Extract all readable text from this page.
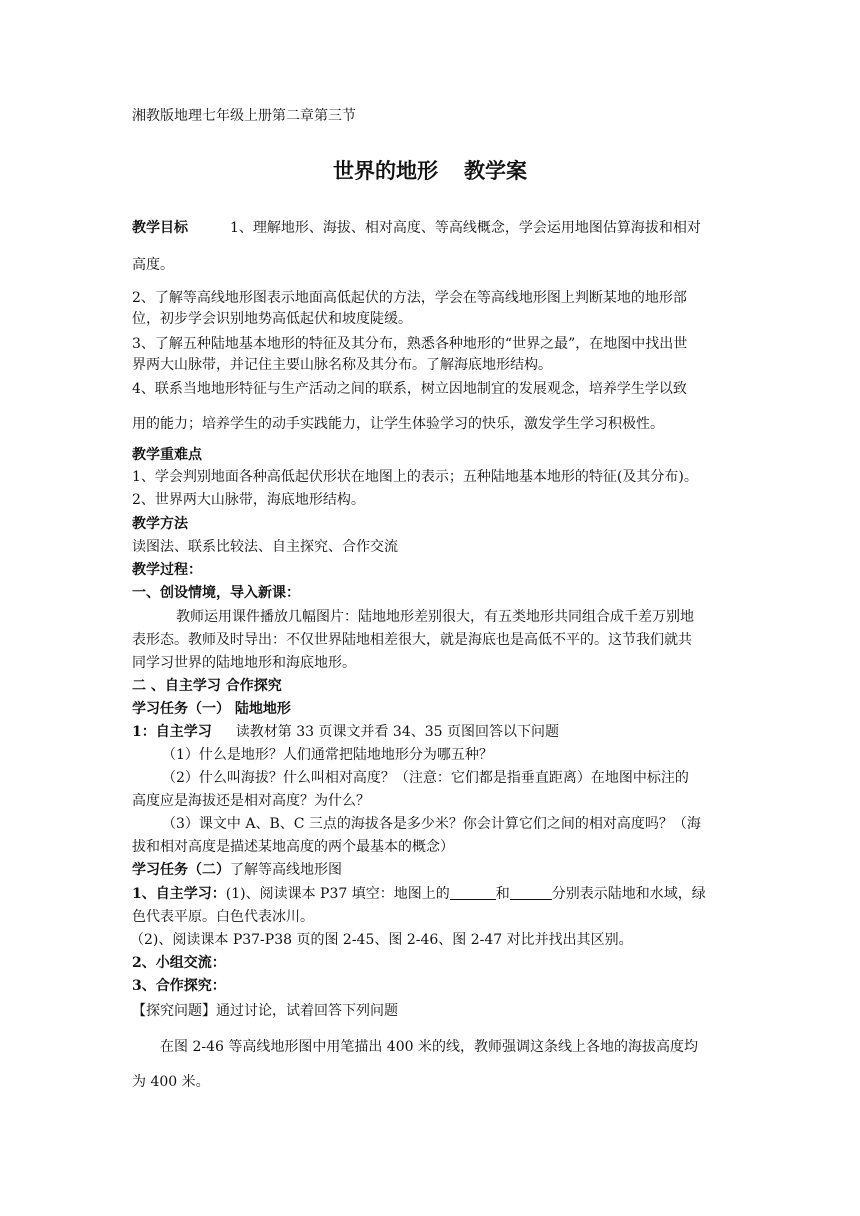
湘教版地理七年级上册第二章第三节
世界的地形 教学案
教学目标	1、理解地形、海拔、相对高度、等高线概念，学会运用地图估算海拔和相对
高度。
2、了解等高线地形图表示地面高低起伏的方法，学会在等高线地形图上判断某地的地形部
位，初步学会识别地势高低起伏和坡度陡缓。
3、了解五种陆地基本地形的特征及其分布，熟悉各种地形的“世界之最”，在地图中找出世
界两大山脉带，并记住主要山脉名称及其分布。了解海底地形结构。
4、联系当地地形特征与生产活动之间的联系，树立因地制宜的发展观念，培养学生学以致
用的能力；培养学生的动手实践能力，让学生体验学习的快乐，激发学生学习积极性。
教学重难点
1、学会判别地面各种高低起伏形状在地图上的表示；五种陆地基本地形的特征(及其分布)。
2、世界两大山脉带，海底地形结构。
教学方法
读图法、联系比较法、自主探究、合作交流
教学过程：
一、创设情境，导入新课：
教师运用课件播放几幅图片：陆地地形差别很大，有五类地形共同组合成千差万别地
表形态。教师及时导出：不仅世界陆地相差很大，就是海底也是高低不平的。这节我们就共
同学习世界的陆地地形和海底地形。
二 、自主学习 合作探究
学习任务（一） 陆地地形
1：自主学习 读教材第 33 页课文并看 34、35 页图回答以下问题
（1）什么是地形？人们通常把陆地地形分为哪五种？
（2）什么叫海拔？什么叫相对高度？（注意：它们都是指垂直距离）在地图中标注的
高度应是海拔还是相对高度？为什么？
（3）课文中 A、B、C 三点的海拔各是多少米？你会计算它们之间的相对高度吗？（海
拔和相对高度是描述某地高度的两个最基本的概念）
学习任务（二）了解等高线地形图
1、自主学习：(1)、阅读课本 P37 填空：地图上的	和	分别表示陆地和水域，绿
色代表平原。白色代表冰川。
（2)、阅读课本 P37-P38 页的图 2-45、图 2-46、图 2-47 对比并找出其区别。
2、小组交流：
3、合作探究：
【探究问题】通过讨论，试着回答下列问题
在图 2-46 等高线地形图中用笔描出 400 米的线，教师强调这条线上各地的海拔高度均
为 400 米。
